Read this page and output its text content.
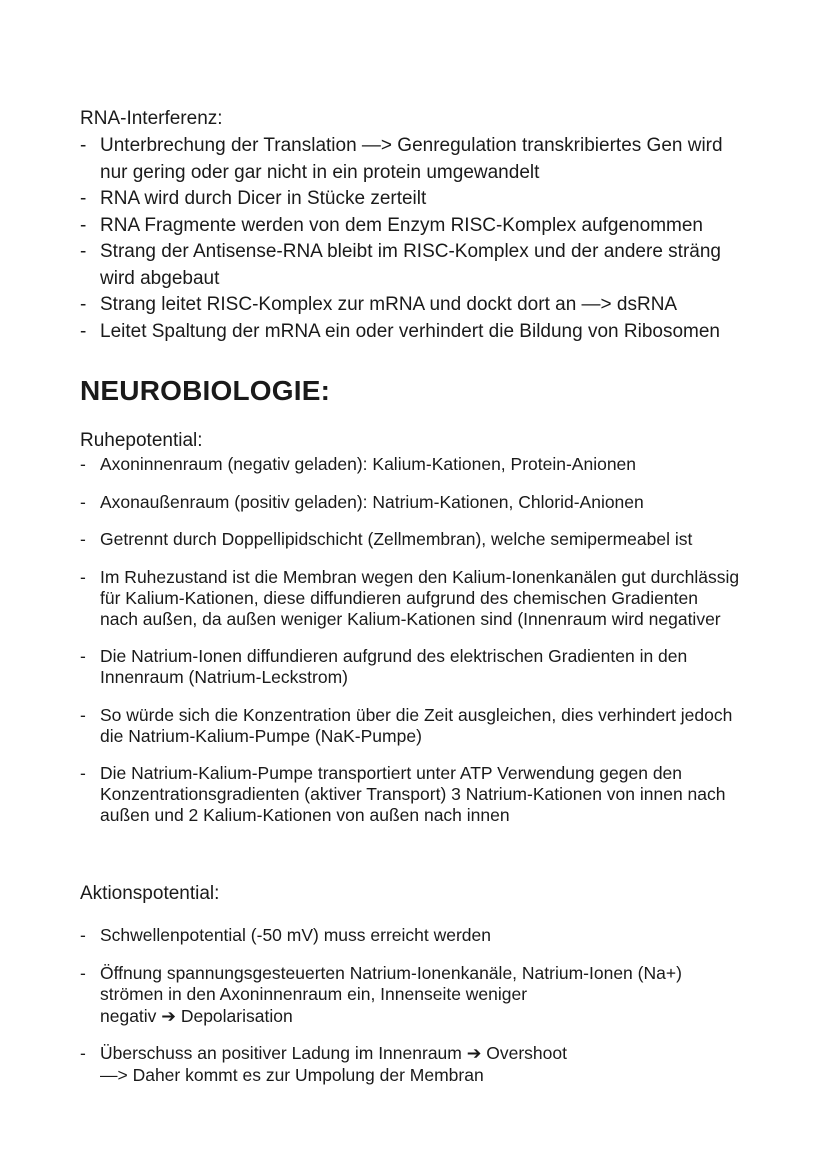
RNA-Interferenz:
- Unterbrechung der Translation —> Genregulation transkribiertes Gen wird nur gering oder gar nicht in ein protein umgewandelt
- RNA wird durch Dicer in Stücke zerteilt
- RNA Fragmente werden von dem Enzym RISC-Komplex aufgenommen
- Strang der Antisense-RNA bleibt im RISC-Komplex und der andere sträng wird abgebaut
- Strang leitet RISC-Komplex zur mRNA und dockt dort an —> dsRNA
- Leitet Spaltung der mRNA ein oder verhindert die Bildung von Ribosomen
NEUROBIOLOGIE:
Ruhepotential:
- Axoninnenraum (negativ geladen): Kalium-Kationen, Protein-Anionen
- Axonaußenraum (positiv geladen): Natrium-Kationen, Chlorid-Anionen
- Getrennt durch Doppellipidschicht (Zellmembran), welche semipermeabel ist
- Im Ruhezustand ist die Membran wegen den Kalium-Ionenkanälen gut durchlässig für Kalium-Kationen, diese diffundieren aufgrund des chemischen Gradienten nach außen, da außen weniger Kalium-Kationen sind (Innenraum wird negativer
- Die Natrium-Ionen diffundieren aufgrund des elektrischen Gradienten in den Innenraum (Natrium-Leckstrom)
- So würde sich die Konzentration über die Zeit ausgleichen, dies verhindert jedoch die Natrium-Kalium-Pumpe (NaK-Pumpe)
- Die Natrium-Kalium-Pumpe transportiert unter ATP Verwendung gegen den Konzentrationsgradienten (aktiver Transport) 3 Natrium-Kationen von innen nach außen und 2 Kalium-Kationen von außen nach innen
Aktionspotential:
- Schwellenpotential (-50 mV) muss erreicht werden
- Öffnung spannungsgesteuerten Natrium-Ionenkanäle, Natrium-Ionen (Na+) strömen in den Axoninnenraum ein, Innenseite weniger
negativ ➔ Depolarisation
- Überschuss an positiver Ladung im Innenraum ➔ Overshoot
—> Daher kommt es zur Umpolung der Membran
